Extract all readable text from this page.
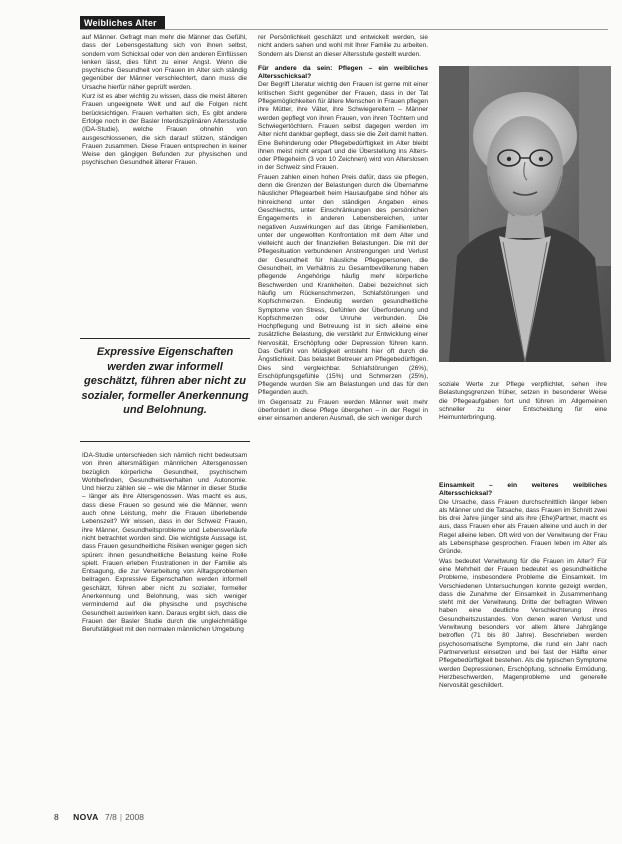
Weibliches Alter

auf Männer. Gefragt man mehr die Männer das Gefühl, dass der Lebensgestaltung sich von ihnen selbst, sondern vom Schicksal oder von den anderen Einflüssen lenken lässt, dies führt zu einer Angst. Wenn die psychische Gesundheit von Frauen im Alter sich ständig gegenüber der Männer verschlechtert, dann muss die Ursache hierfür näher geprüft werden.

Kurz ist es aber wichtig zu wissen, dass die meist älteren Frauen ungeeignete Welt und auf die Folgen nicht berücksichtigen. Frauen verhalten sich, Es gibt andere Erfolge noch in der Basler Interdisziplinären Altersstudie (IDA-Studie), welche Frauen ohnehin von ausgeschlossenen, die sich darauf stützen, ständigen Frauen zusammen. Diese Frauen entsprechen in keiner Weise den gängigen Befunden zur physischen und psychischen Gesundheit älterer Frauen.

Expressive Eigenschaften werden zwar informell geschätzt, führen aber nicht zu sozialer, formeller Anerkennung und Belohnung.

IDA-Studie unterschieden sich nämlich nicht bedeutsam von ihren altersmäßigen männlichen Altersgenossen bezüglich körperliche Gesundheit, psychischem Wohlbefinden, Gesundheitsverhalten und Autonomie. Und hierzu zählen sie – wie die Männer in dieser Studie – länger als ihre Altersgenossen. Was macht es aus, dass diese Frauen so gesund wie die Männer, wenn auch ohne Leistung, mehr die Frauen überlebende Lebenszeit? Wir wissen, dass in der Schweiz Frauen, ihre Männer, Gesundheitsprobleme und Lebensverläufe nicht betrachtet worden sind. Die wichtigste Aussage ist, dass Frauen gesundheitliche Risiken weniger gegen sich spüren: ihnen gesundheitliche Belastung keine Rolle spielt. Frauen erleben Frustrationen in der Familie als Entsagung, die zur Verarbeitung von Alltagsproblemen beitragen. Expressive Eigenschaften werden informell geschätzt, führen aber nicht zu sozialer, formeller Anerkennung und Belohnung, was sich weniger vermindernd auf die physische und psychische Gesundheit auswirken kann. Daraus ergibt sich, dass die Frauen der Basler Studie durch die ungleichmäßige Berufstätigkeit mit den normalen männlichen Umgebung

rer Persönlichkeit geschätzt und entwickelt werden, sie nicht anders sahen und wohl mit Ihrer Familie zu arbeiten. Sondern als Dienst an dieser Altersstufe gestellt wurden.

Für andere da sein: Pflegen – ein weibliches Altersschicksal?

Der Begriff Literatur wichtig den Frauen ist gerne mit einer kritischen Sicht gegenüber der Frauen, dass in der Tat Pflegemöglichkeiten für ältere Menschen in Frauen pflegen ihre Mütter, ihre Väter, ihre Schwiegereltern – Männer werden gepflegt von ihren Frauen, von ihren Töchtern und Schwiegertöchtern. Frauen selbst dagegen werden im Alter nicht dankbar gepflegt, dass sie die Zeit damit hatten. Eine Behinderung oder Pflegebedürftigkeit im Alter bleibt ihnen meist nicht erspart und die Überstellung ins Alters- oder Pflegeheim (3 von 10 Zeichnen) wird von Alterslosen in der Schweiz sind Frauen.

Frauen zahlen einen hohen Preis dafür, dass sie pflegen, denn die Grenzen der Belastungen durch die Übernahme häuslicher Pflegearbeit heim Hausaufgabe sind höher als hinreichend unter den ständigen Angaben eines Geschlechts, unter Einschränkungen des persönlichen Engagements in anderen Lebensbereichen, unter negativen Auswirkungen auf das übrige Familienleben, unter der ungewollten Konfrontation mit dem Alter und vielleicht auch der finanziellen Belastungen. Die mit der Pflegesituation verbundenen Anstrengungen und Verlust der Gesundheit für häusliche Pflegepersonen, die Gesundheit, im Verhältnis zu Gesamtbevölkerung haben pflegende Angehörige häufig mehr körperliche Beschwerden und Krankheiten. Dabei bezeichnet sich häufig um Rückenschmerzen, Schlafstörungen und Kopfschmerzen. Eindeutig werden gesundheitliche Symptome von Stress, Gefühlen der Überforderung und Kopfschmerzen oder Unruhe verbunden. Die Hochpflegung und Betreuung ist in sich alleine eine zusätzliche Belastung, die verstärkt zur Entwicklung einer Nervosität, Erschöpfung oder Depression führen kann. Das Gefühl von Müdigkeit entsteht hier oft durch die Ängstlichkeit. Das belastet Betreuer am Pflegebedürftigen. Dies sind vergleichbar. Schlafstörungen (26%), Erschöpfungsgefühle (15%) und Schmerzen (25%), Pflegende wurden Sie am Belastungen und das für den Pflegenden auch.

Im Gegensatz zu Frauen werden Männer weit mehr überfordert in diese Pflege übergehen – in der Regel in einer einsamen anderen Ausmaß, die sich weniger durch

soziale Werte zur Pflege verpflichtet, sehen ihre Belastungsgrenzen früher, setzen in besonderer Weise die Pflegeaufgaben fort und führen im Allgemeinen schneller zu einer Entscheidung für eine Heimunterbringung.

Einsamkeit – ein weiteres weibliches Altersschicksal?

Die Ursache, dass Frauen durchschnittlich länger leben als Männer und die Tatsache, dass Frauen im Schnitt zwei bis drei Jahre jünger sind als ihre (Ehe)Partner, macht es aus, dass Frauen eher als Frauen alleine und auch in der Regel alleine leben. Oft wird von der Verwitwung der Frau als Lebensphase gesprochen. Frauen leben im Alter als Gründe.

Was bedeutet Verwitwung für die Frauen im Alter? Für eine Mehrheit der Frauen bedeutet es gesundheitliche Probleme, insbesondere Probleme die Einsamkeit. Im Verschiedenen Untersuchungen konnte gezeigt werden, dass die Zunahme der Einsamkeit in Zusammenhang steht mit der Verwitwung. Dritte der befragten Witwen haben eine deutliche Verschlechterung ihres Gesundheitszustandes. Von denen waren Verlust und Verwitwung besonders vor allem ältere Jahrgänge betroffen (71 bis 80 Jahre). Beschrieben werden psychosomatische Symptome, die rund ein Jahr nach Partnerverlust einsetzen und bei fast der Hälfte einer Pflegebedürftigkeit bestehen. Als die typischen Symptome werden Depressionen, Erschöpfung, schnelle Ermüdung, Herzbeschwerden, Magenprobleme und generelle Nervosität geschildert.

8 NOVA 7/8 | 2008
